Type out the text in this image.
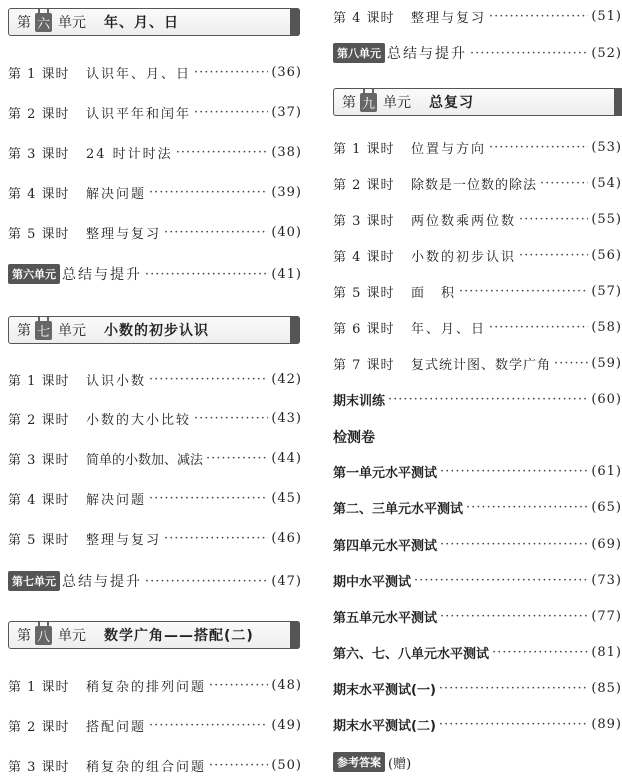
第 六 单元 年、月、日
第 1 课时	认识年、月、日 ·····	(36)
第 2 课时	认识平年和闰年 ·····	(37)
第 3 课时	24 时计时法 ·····	(38)
第 4 课时	解决问题 ·····	(39)
第 5 课时	整理与复习 ·····	(40)
第六单元 总结与提升 ·····	(41)
第 七 单元 小数的初步认识
第 1 课时	认识小数 ·····	(42)
第 2 课时	小数的大小比较 ·····	(43)
第 3 课时	简单的小数加、减法 ·····	(44)
第 4 课时	解决问题 ·····	(45)
第 5 课时	整理与复习 ·····	(46)
第七单元 总结与提升 ·····	(47)
第 八 单元 数学广角——搭配(二)
第 1 课时	稍复杂的排列问题 ·····	(48)
第 2 课时	搭配问题 ·····	(49)
第 3 课时	稍复杂的组合问题 ·····	(50)
第 4 课时	整理与复习 ·····	(51)
第八单元 总结与提升 ·····	(52)
第 九 单元 总复习
第 1 课时	位置与方向 ·····	(53)
第 2 课时	除数是一位数的除法 ·····	(54)
第 3 课时	两位数乘两位数 ·····	(55)
第 4 课时	小数的初步认识 ·····	(56)
第 5 课时	面　积 ·····	(57)
第 6 课时	年、月、日 ·····	(58)
第 7 课时	复式统计图、数学广角 ·····	(59)
期末训练 ·····	(60)
检测卷
第一单元水平测试 ·····	(61)
第二、三单元水平测试 ·····	(65)
第四单元水平测试 ·····	(69)
期中水平测试 ·····	(73)
第五单元水平测试 ·····	(77)
第六、七、八单元水平测试 ·····	(81)
期末水平测试(一) ·····	(85)
期末水平测试(二) ·····	(89)
参考答案 (赠)
